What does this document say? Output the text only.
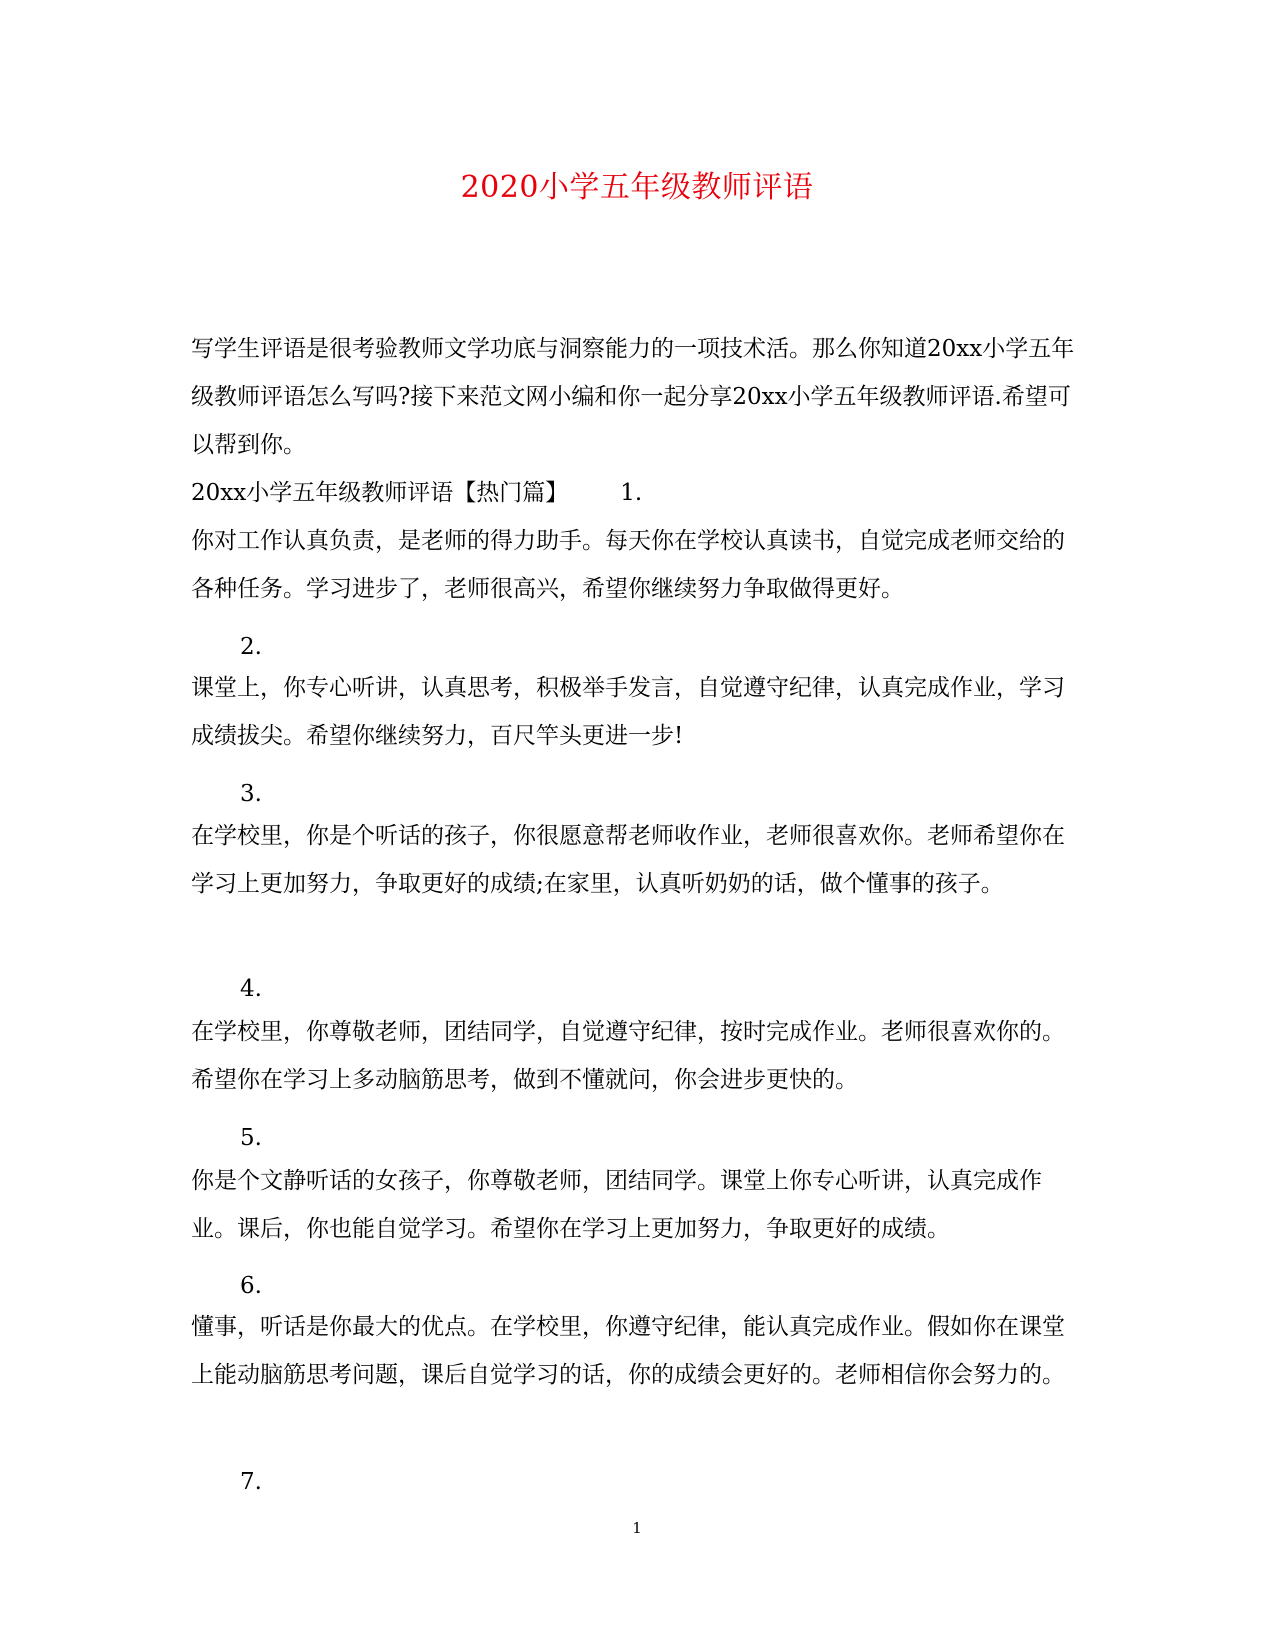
2020小学五年级教师评语
写学生评语是很考验教师文学功底与洞察能力的一项技术活。那么你知道20xx小学五年级教师评语怎么写吗?接下来范文网小编和你一起分享20xx小学五年级教师评语.希望可以帮到你。
20xx小学五年级教师评语【热门篇】 1.
你对工作认真负责，是老师的得力助手。每天你在学校认真读书，自觉完成老师交给的各种任务。学习进步了，老师很高兴，希望你继续努力争取做得更好。
2.
课堂上，你专心听讲，认真思考，积极举手发言，自觉遵守纪律，认真完成作业，学习成绩拔尖。希望你继续努力，百尺竿头更进一步!
3.
在学校里，你是个听话的孩子，你很愿意帮老师收作业，老师很喜欢你。老师希望你在学习上更加努力，争取更好的成绩;在家里，认真听奶奶的话，做个懂事的孩子。
4.
在学校里，你尊敬老师，团结同学，自觉遵守纪律，按时完成作业。老师很喜欢你的。希望你在学习上多动脑筋思考，做到不懂就问，你会进步更快的。
5.
你是个文静听话的女孩子，你尊敬老师，团结同学。课堂上你专心听讲，认真完成作业。课后，你也能自觉学习。希望你在学习上更加努力，争取更好的成绩。
6.
懂事，听话是你最大的优点。在学校里，你遵守纪律，能认真完成作业。假如你在课堂上能动脑筋思考问题，课后自觉学习的话，你的成绩会更好的。老师相信你会努力的。
7.
1
